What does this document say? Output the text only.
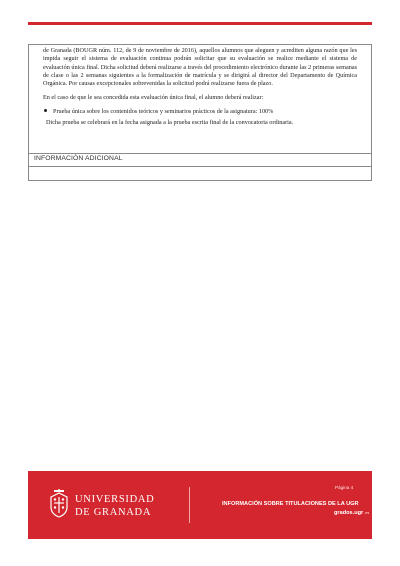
de Granada (BOUGR núm. 112, de 9 de noviembre de 2016), aquellos alumnos que aleguen y acrediten alguna razón que les impida seguir el sistema de evaluación continua podrán solicitar que su evaluación se realice mediante el sistema de evaluación única final. Dicha solicitud deberá realizarse a través del procedimiento electrónico durante las 2 primeras semanas de clase o las 2 semanas siguientes a la formalización de matrícula y se dirigirá al director del Departamento de Química Orgánica. Por causas excepcionales sobrevenidas la solicitud podrá realizarse fuera de plazo.

En el caso de que le sea concedida esta evaluación única final, el alumno deberá realizar:

Prueba única sobre los contenidos teóricos y seminarios prácticos de la asignatura: 100%

Dicha prueba se celebrará en la fecha asignada a la prueba escrita final de la convocatoria ordinaria.

INFORMACIÓN ADICIONAL
UNIVERSIDAD
DE GRANADA
Página 4
INFORMACIÓN SOBRE TITULACIONES DE LA UGR
grados.ugr.es
